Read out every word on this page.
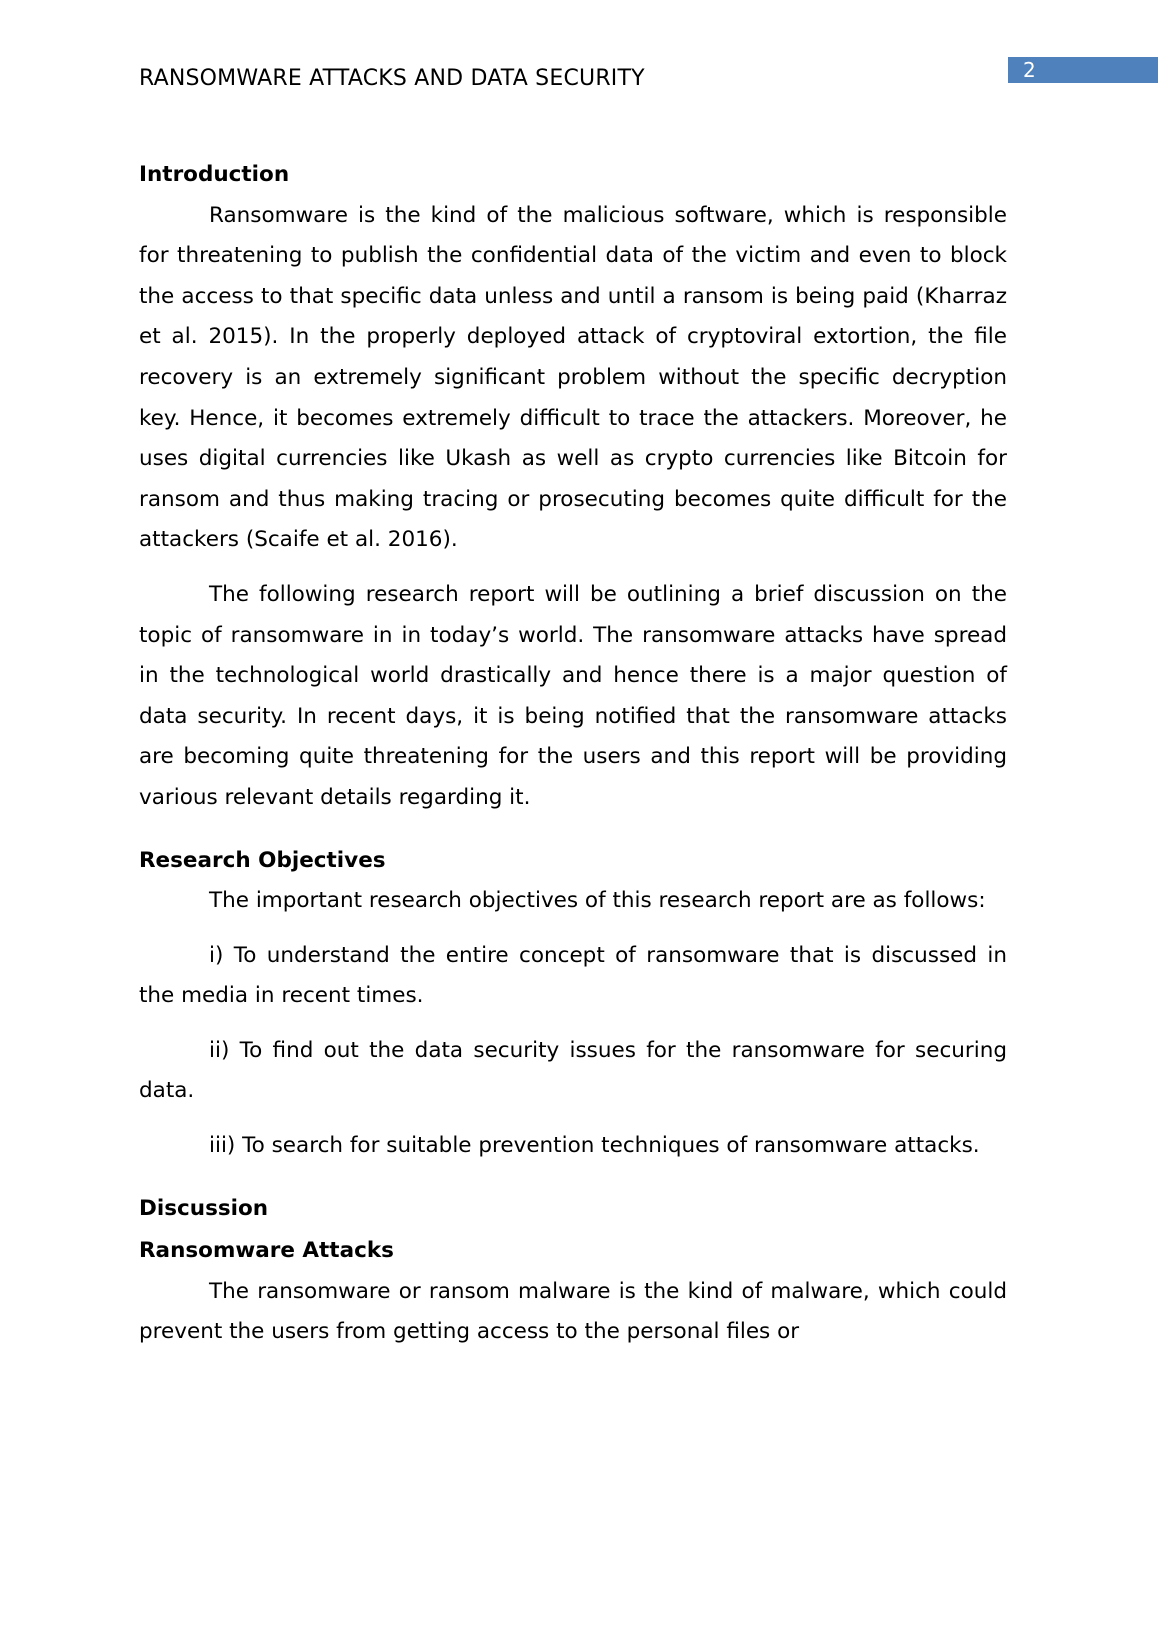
RANSOMWARE ATTACKS AND DATA SECURITY	2

Introduction

Ransomware is the kind of the malicious software, which is responsible for threatening to publish the confidential data of the victim and even to block the access to that specific data unless and until a ransom is being paid (Kharraz et al. 2015). In the properly deployed attack of cryptoviral extortion, the file recovery is an extremely significant problem without the specific decryption key. Hence, it becomes extremely difficult to trace the attackers. Moreover, he uses digital currencies like Ukash as well as crypto currencies like Bitcoin for ransom and thus making tracing or prosecuting becomes quite difficult for the attackers (Scaife et al. 2016).

The following research report will be outlining a brief discussion on the topic of ransomware in in today’s world. The ransomware attacks have spread in the technological world drastically and hence there is a major question of data security. In recent days, it is being notified that the ransomware attacks are becoming quite threatening for the users and this report will be providing various relevant details regarding it.

Research Objectives

The important research objectives of this research report are as follows:

i) To understand the entire concept of ransomware that is discussed in the media in recent times.

ii) To find out the data security issues for the ransomware for securing data.

iii) To search for suitable prevention techniques of ransomware attacks.

Discussion

Ransomware Attacks

The ransomware or ransom malware is the kind of malware, which could prevent the users from getting access to the personal files or
